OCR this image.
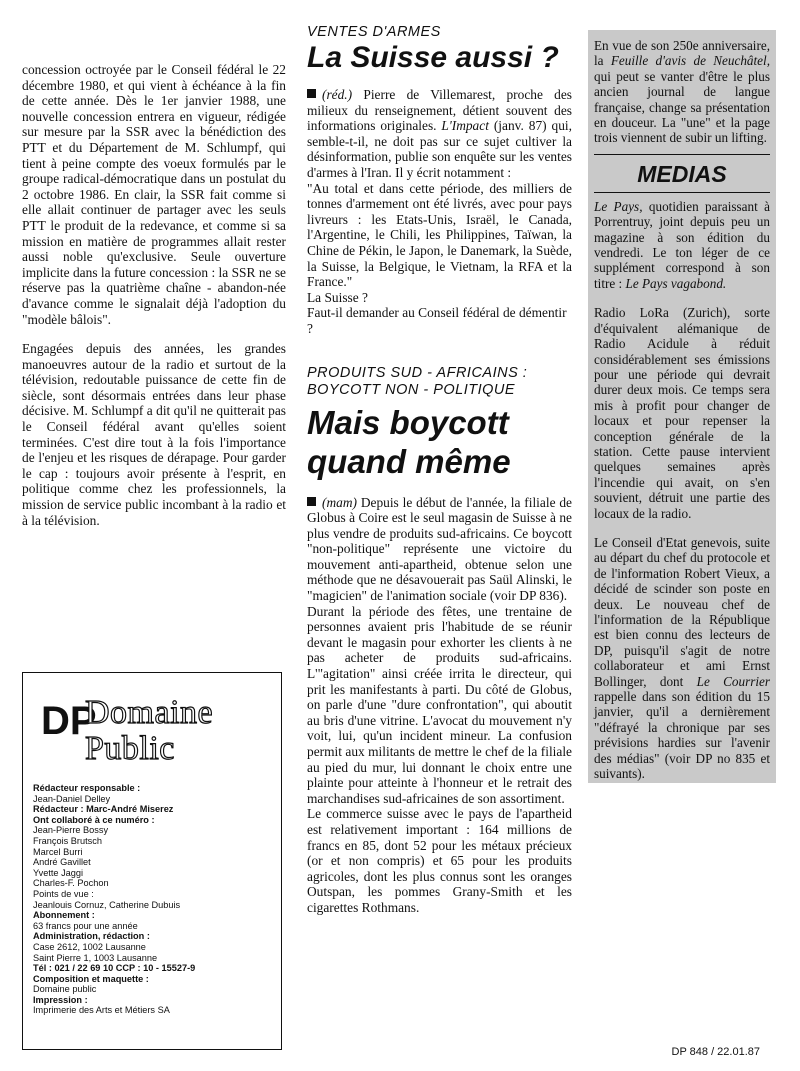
concession octroyée par le Conseil fédéral le 22 décembre 1980, et qui vient à échéance à la fin de cette année. Dès le 1er janvier 1988, une nouvelle concession entrera en vigueur, rédigée sur mesure par la SSR avec la bénédiction des PTT et du Département de M. Schlumpf, qui tient à peine compte des voeux formulés par le groupe radical-démocratique dans un postulat du 2 octobre 1986. En clair, la SSR fait comme si elle allait continuer de partager avec les seuls PTT le produit de la redevance, et comme si sa mission en matière de programmes allait rester aussi noble qu'exclusive. Seule ouverture implicite dans la future concession : la SSR ne se réserve pas la quatrième chaîne - abandon-née d'avance comme le signalait déjà l'adoption du "modèle bâlois".

Engagées depuis des années, les grandes manoeuvres autour de la radio et surtout de la télévision, redoutable puissance de cette fin de siècle, sont désormais entrées dans leur phase décisive. M. Schlumpf a dit qu'il ne quitterait pas le Conseil fédéral avant qu'elles soient terminées. C'est dire tout à la fois l'importance de l'enjeu et les risques de dérapage. Pour garder le cap : toujours avoir présente à l'esprit, en politique comme chez les professionnels, la mission de service public incombant à la radio et à la télévision.

DP
Domaine
Public
Rédacteur responsable :
Jean-Daniel Delley
Rédacteur : Marc-André Miserez
Ont collaboré à ce numéro :
Jean-Pierre Bossy
François Brutsch
Marcel Burri
André Gavillet
Yvette Jaggi
Charles-F. Pochon
Points de vue :
Jeanlouis Cornuz, Catherine Dubuis
Abonnement :
63 francs pour une année
Administration, rédaction :
Case 2612, 1002 Lausanne
Saint Pierre 1, 1003 Lausanne
Tél : 021 / 22 69 10 CCP : 10 - 15527-9
Composition et maquette :
Domaine public
Impression :
Imprimerie des Arts et Métiers SA

VENTES D'ARMES

La Suisse aussi ?

(réd.) Pierre de Villemarest, proche des milieux du renseignement, détient souvent des informations originales. L'Impact (janv. 87) qui, semble-t-il, ne doit pas sur ce sujet cultiver la désinformation, publie son enquête sur les ventes d'armes à l'Iran. Il y écrit notamment :

"Au total et dans cette période, des milliers de tonnes d'armement ont été livrés, avec pour pays livreurs : les Etats-Unis, Israël, le Canada, l'Argentine, le Chili, les Philippines, Taïwan, la Chine de Pékin, le Japon, le Danemark, la Suède, la Suisse, la Belgique, le Vietnam, la RFA et la France."

La Suisse ?

Faut-il demander au Conseil fédéral de démentir ?

PRODUITS SUD - AFRICAINS :

BOYCOTT NON - POLITIQUE

Mais boycott
quand même

(mam) Depuis le début de l'année, la filiale de Globus à Coire est le seul magasin de Suisse à ne plus vendre de produits sud-africains. Ce boycott "non-politique" représente une victoire du mouvement anti-apartheid, obtenue selon une méthode que ne désavouerait pas Saül Alinski, le "magicien" de l'animation sociale (voir DP 836).

Durant la période des fêtes, une trentaine de personnes avaient pris l'habitude de se réunir devant le magasin pour exhorter les clients à ne pas acheter de produits sud-africains. L'"agitation" ainsi créée irrita le directeur, qui prit les manifestants à parti. Du côté de Globus, on parle d'une "dure confrontation", qui aboutit au bris d'une vitrine. L'avocat du mouvement n'y voit, lui, qu'un incident mineur. La confusion permit aux militants de mettre le chef de la filiale au pied du mur, lui donnant le choix entre une plainte pour atteinte à l'honneur et le retrait des marchandises sud-africaines de son assortiment.

Le commerce suisse avec le pays de l'apartheid est relativement important : 164 millions de francs en 85, dont 52 pour les métaux précieux (or et non compris) et 65 pour les produits agricoles, dont les plus connus sont les oranges Outspan, les pommes Grany-Smith et les cigarettes Rothmans.

En vue de son 250e anniversaire, la Feuille d'avis de Neuchâtel, qui peut se vanter d'être le plus ancien journal de langue française, change sa présentation en douceur. La "une" et la page trois viennent de subir un lifting.

MEDIAS

Le Pays, quotidien paraissant à Porrentruy, joint depuis peu un magazine à son édition du vendredi. Le ton léger de ce supplément correspond à son titre : Le Pays vagabond.

Radio LoRa (Zurich), sorte d'équivalent alémanique de Radio Acidule à réduit considérablement ses émissions pour une période qui devrait durer deux mois. Ce temps sera mis à profit pour changer de locaux et pour repenser la conception générale de la station. Cette pause intervient quelques semaines après l'incendie qui avait, on s'en souvient, détruit une partie des locaux de la radio.

Le Conseil d'Etat genevois, suite au départ du chef du protocole et de l'information Robert Vieux, a décidé de scinder son poste en deux. Le nouveau chef de l'information de la République est bien connu des lecteurs de DP, puisqu'il s'agit de notre collaborateur et ami Ernst Bollinger, dont Le Courrier rappelle dans son édition du 15 janvier, qu'il a dernièrement "défrayé la chronique par ses prévisions hardies sur l'avenir des médias" (voir DP no 835 et suivants).

DP 848 / 22.01.87
